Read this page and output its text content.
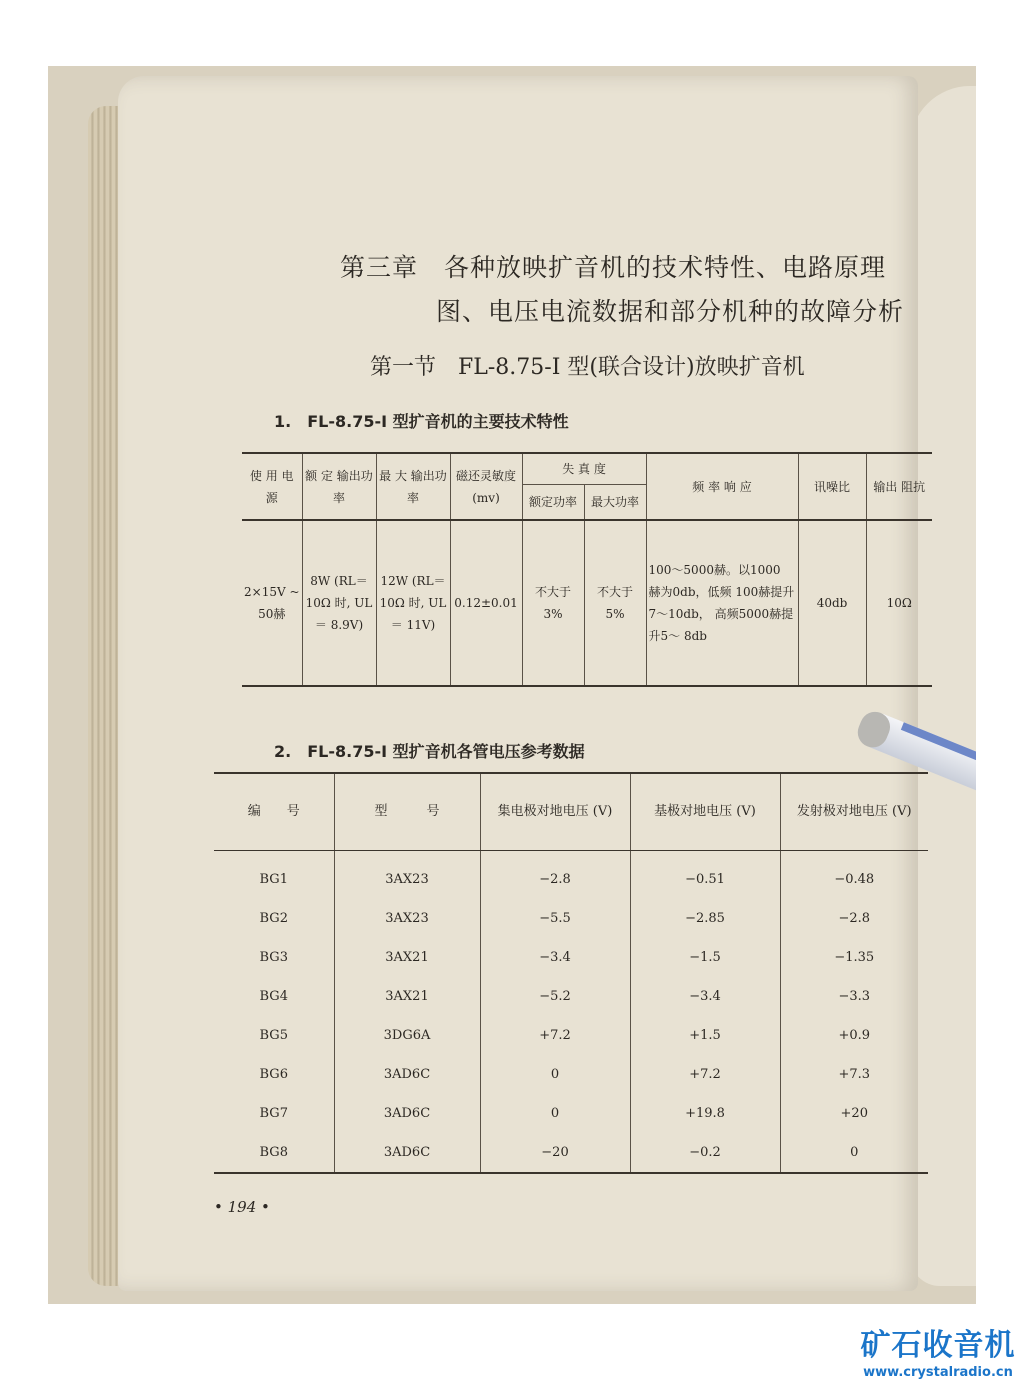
第三章　各种放映扩音机的技术特性、电路原理
图、电压电流数据和部分机种的故障分析
第一节　FL-8.75-I 型(联合设计)放映扩音机
1.　FL-8.75-I 型扩音机的主要技术特性
使 用 电 源	额 定 输出功率	最 大 输出功率	磁还灵敏度 (mv)	失 真 度		频 率 响 应	讯噪比	输出 阻抗
				额定功率	最大功率			
2×15V ~ 50赫	8W (RL＝10Ω 时, UL＝ 8.9V)	12W (RL＝10Ω 时, UL＝ 11V)	0.12±0.01	不大于 3%	不大于 5%	100～5000赫。以1000 赫为0db，低频 100赫提升7～10db， 高频5000赫提升5～ 8db	40db	10Ω
2.　FL-8.75-I 型扩音机各管电压参考数据
编　　号	型　　　号	集电极对地电压 (V)	基极对地电压 (V)	发射极对地电压 (V)
BG1	3AX23	−2.8	−0.51	−0.48
BG2	3AX23	−5.5	−2.85	−2.8
BG3	3AX21	−3.4	−1.5	−1.35
BG4	3AX21	−5.2	−3.4	−3.3
BG5	3DG6A	+7.2	+1.5	+0.9
BG6	3AD6C	0	+7.2	+7.3
BG7	3AD6C	0	+19.8	+20
BG8	3AD6C	−20	−0.2	0
• 194 •
矿石收音机
www.crystalradio.cn
